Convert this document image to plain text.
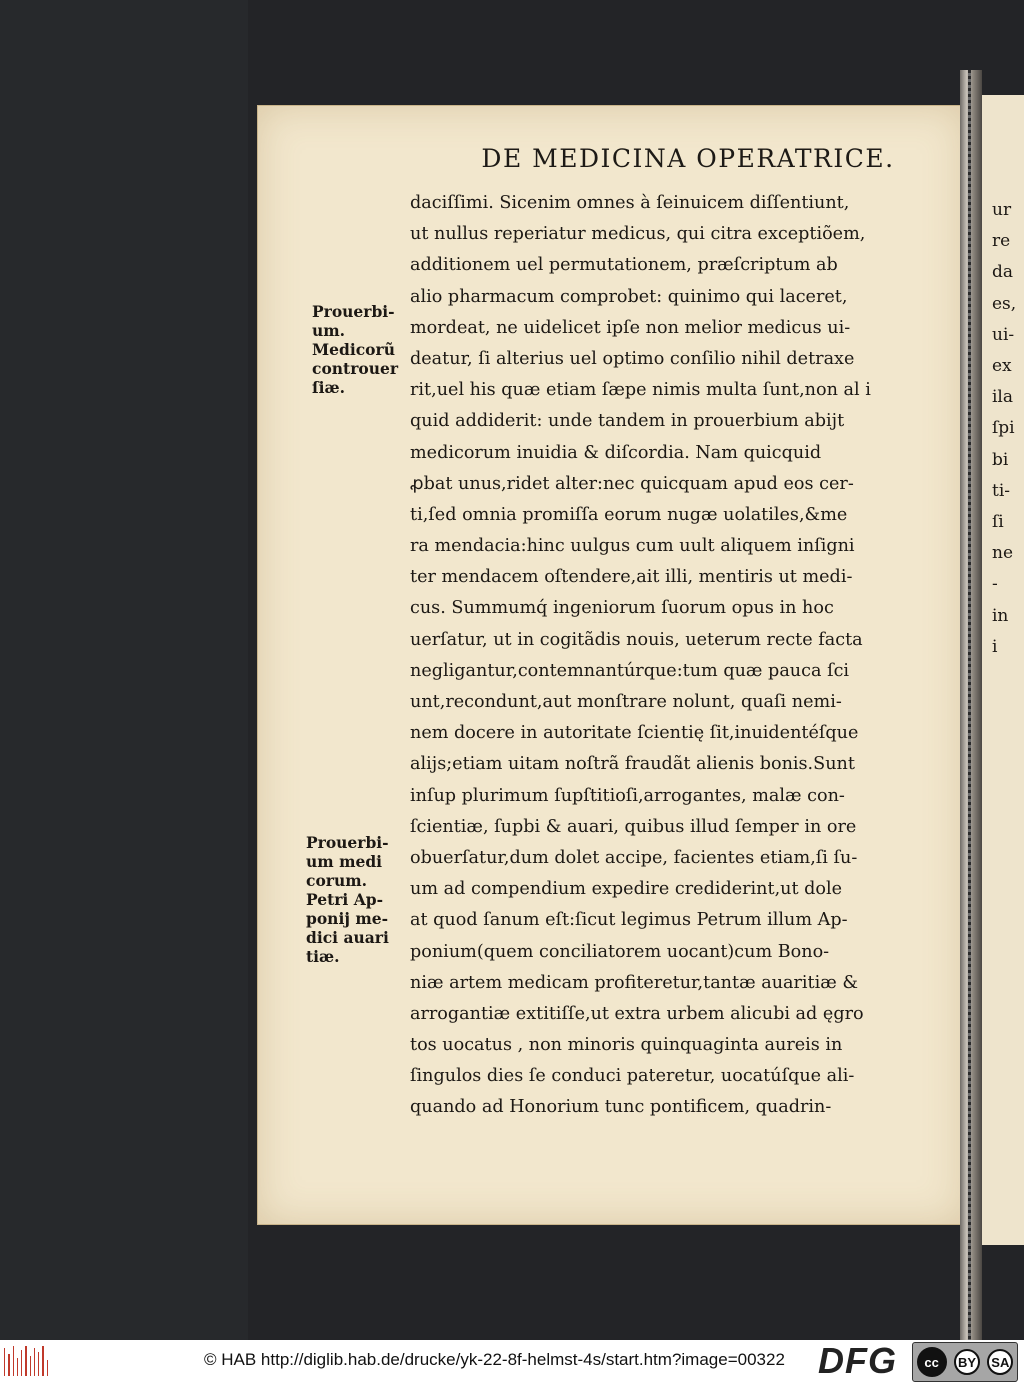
DE MEDICINA OPERATRICE.
Prouerbi-
um.
Medicorũ
controuer
ſiæ.
Prouerbi-
um medi
corum.
Petri Ap-
ponij me-
dici auari
tiæ.
daciſſimi. Sicenim omnes à ſeinuicem diſſentiunt,
ut nullus reperiatur medicus, qui citra exceptiõem,
additionem uel permutationem, præſcriptum ab
alio pharmacum comprobet: quinimo qui laceret,
mordeat, ne uidelicet ipſe non melior medicus ui-
deatur, ſi alterius uel optimo conſilio nihil detraxe
rit,uel his quæ etiam ſæpe nimis multa ſunt,non al i
quid addiderit: unde tandem in prouerbium abijt
medicorum inuidia & diſcordia. Nam quicquid
ꝓbat unus,ridet alter:nec quicquam apud eos cer-
ti,ſed omnia promiſſa eorum nugæ uolatiles,&me
ra mendacia:hinc uulgus cum uult aliquem inſigni
ter mendacem oſtendere,ait illi, mentiris ut medi-
cus. Summumq́ ingeniorum ſuorum opus in hoc
uerſatur, ut in cogitãdis nouis, ueterum recte facta
negligantur,contemnantúrque:tum quæ pauca ſci
unt,recondunt,aut monſtrare nolunt, quaſi nemi-
nem docere in autoritate ſcientię ſit,inuidentéſque
alijs;etiam uitam noſtrã fraudãt alienis bonis.Sunt
inſup plurimum ſupſtitioſi,arrogantes, malæ con-
ſcientiæ, ſupbi & auari, quibus illud ſemper in ore
obuerſatur,dum dolet accipe, facientes etiam,ſi ſu-
um ad compendium expedire crediderint,ut dole
at quod ſanum eſt:ſicut legimus Petrum illum Ap-
ponium(quem conciliatorem uocant)cum Bono-
niæ artem medicam profiteretur,tantæ auaritiæ &
arrogantiæ extitiſſe,ut extra urbem alicubi ad ęgro
tos uocatus , non minoris quinquaginta aureis in
ſingulos dies ſe conduci pateretur, uocatúſque ali-
quando ad Honorium tunc pontificem, quadrin-
ur
re
da
es,
ui-
ex
ila
ſpi
bi
ti-
ſi
ne
-
in
i
© HAB http://diglib.hab.de/drucke/yk-22-8f-helmst-4s/start.htm?image=00322 DFG	cc	BY	SA
